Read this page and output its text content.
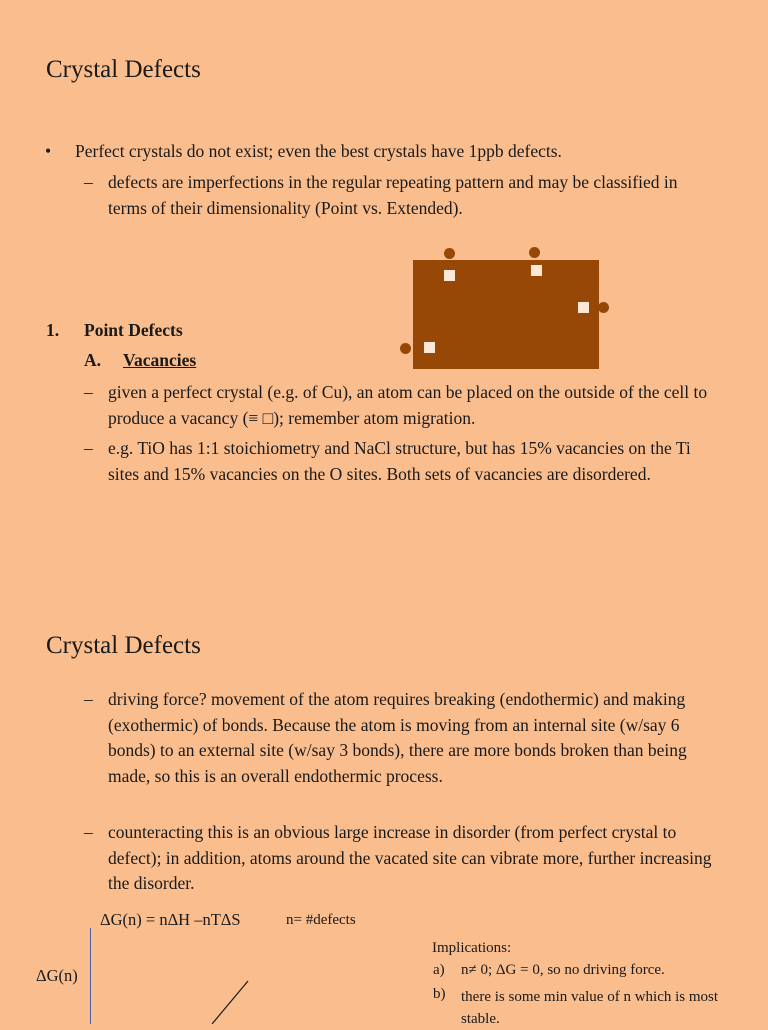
Crystal Defects
• Perfect crystals do not exist; even the best crystals have 1ppb defects.
– defects are imperfections in the regular repeating pattern and may be classified in terms of their dimensionality (Point vs. Extended).
1. Point Defects
A. Vacancies
– given a perfect crystal (e.g. of Cu), an atom can be placed on the outside of the cell to produce a vacancy (≡ □); remember atom migration.
– e.g. TiO has 1:1 stoichiometry and NaCl structure, but has 15% vacancies on the Ti sites and 15% vacancies on the O sites. Both sets of vacancies are disordered.
Crystal Defects
– driving force? movement of the atom requires breaking (endothermic) and making (exothermic) of bonds. Because the atom is moving from an internal site (w/say 6 bonds) to an external site (w/say 3 bonds), there are more bonds broken than being made, so this is an overall endothermic process.
– counteracting this is an obvious large increase in disorder (from perfect crystal to defect); in addition, atoms around the vacated site can vibrate more, further increasing the disorder.
ΔG(n) = nΔH –nTΔS	n= #defects
ΔG(n)
Implications:
a) n≠ 0; ΔG = 0, so no driving force.
b) there is some min value of n which is most stable.
